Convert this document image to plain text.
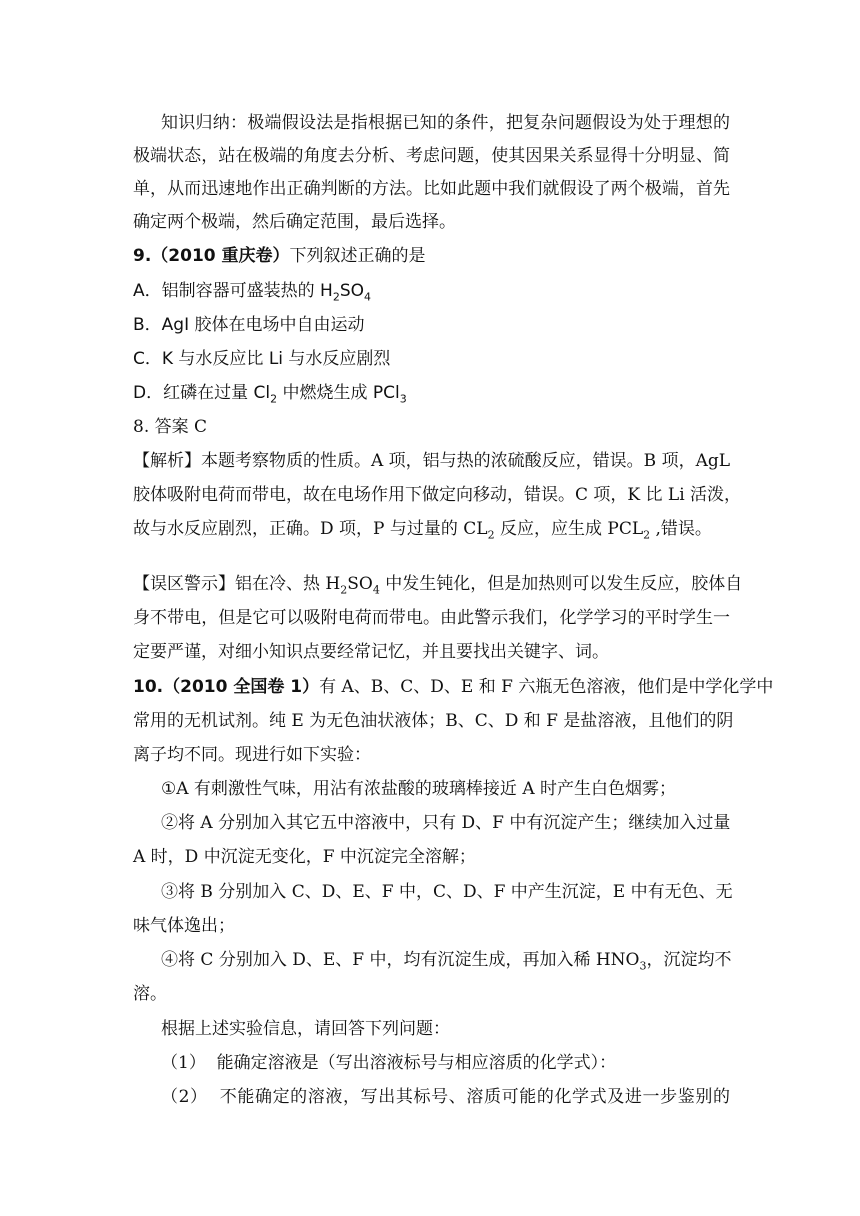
知识归纳：极端假设法是指根据已知的条件，把复杂问题假设为处于理想的
极端状态，站在极端的角度去分析、考虑问题，使其因果关系显得十分明显、简
单，从而迅速地作出正确判断的方法。比如此题中我们就假设了两个极端，首先
确定两个极端，然后确定范围，最后选择。
9.（2010 重庆卷）下列叙述正确的是
A．铝制容器可盛装热的 $H_2SO_4$
B．AgI 胶体在电场中自由运动
C．K 与水反应比 Li 与水反应剧烈
D．红磷在过量 $Cl_2$ 中燃烧生成 PCl$_3$
8. 答案 C
【解析】本题考察物质的性质。A 项，铝与热的浓硫酸反应，错误。B 项，AgL
胶体吸附电荷而带电，故在电场作用下做定向移动，错误。C 项，K 比 Li 活泼，
故与水反应剧烈，正确。D 项，P 与过量的 $CL_2$ 反应，应生成 $PCL_2$ ,错误。
【误区警示】铝在冷、热 $H_2SO_4$ 中发生钝化，但是加热则可以发生反应，胶体自
身不带电，但是它可以吸附电荷而带电。由此警示我们，化学学习的平时学生一
定要严谨，对细小知识点要经常记忆，并且要找出关键字、词。
10.（2010 全国卷 1）有 A、B、C、D、E 和 F 六瓶无色溶液，他们是中学化学中
常用的无机试剂。纯 E 为无色油状液体；B、C、D 和 F 是盐溶液，且他们的阴
离子均不同。现进行如下实验：
①A 有刺激性气味，用沾有浓盐酸的玻璃棒接近 A 时产生白色烟雾；
②将 A 分别加入其它五中溶液中，只有 D、F 中有沉淀产生；继续加入过量
A 时，D 中沉淀无变化，F 中沉淀完全溶解；
③将 B 分别加入 C、D、E、F 中，C、D、F 中产生沉淀，E 中有无色、无
味气体逸出；
④将 C 分别加入 D、E、F 中，均有沉淀生成，再加入稀 $HNO_3$，沉淀均不
溶。
根据上述实验信息，请回答下列问题：
（1） 能确定溶液是（写出溶液标号与相应溶质的化学式）：
（2） 不能确定的溶液，写出其标号、溶质可能的化学式及进一步鉴别的
